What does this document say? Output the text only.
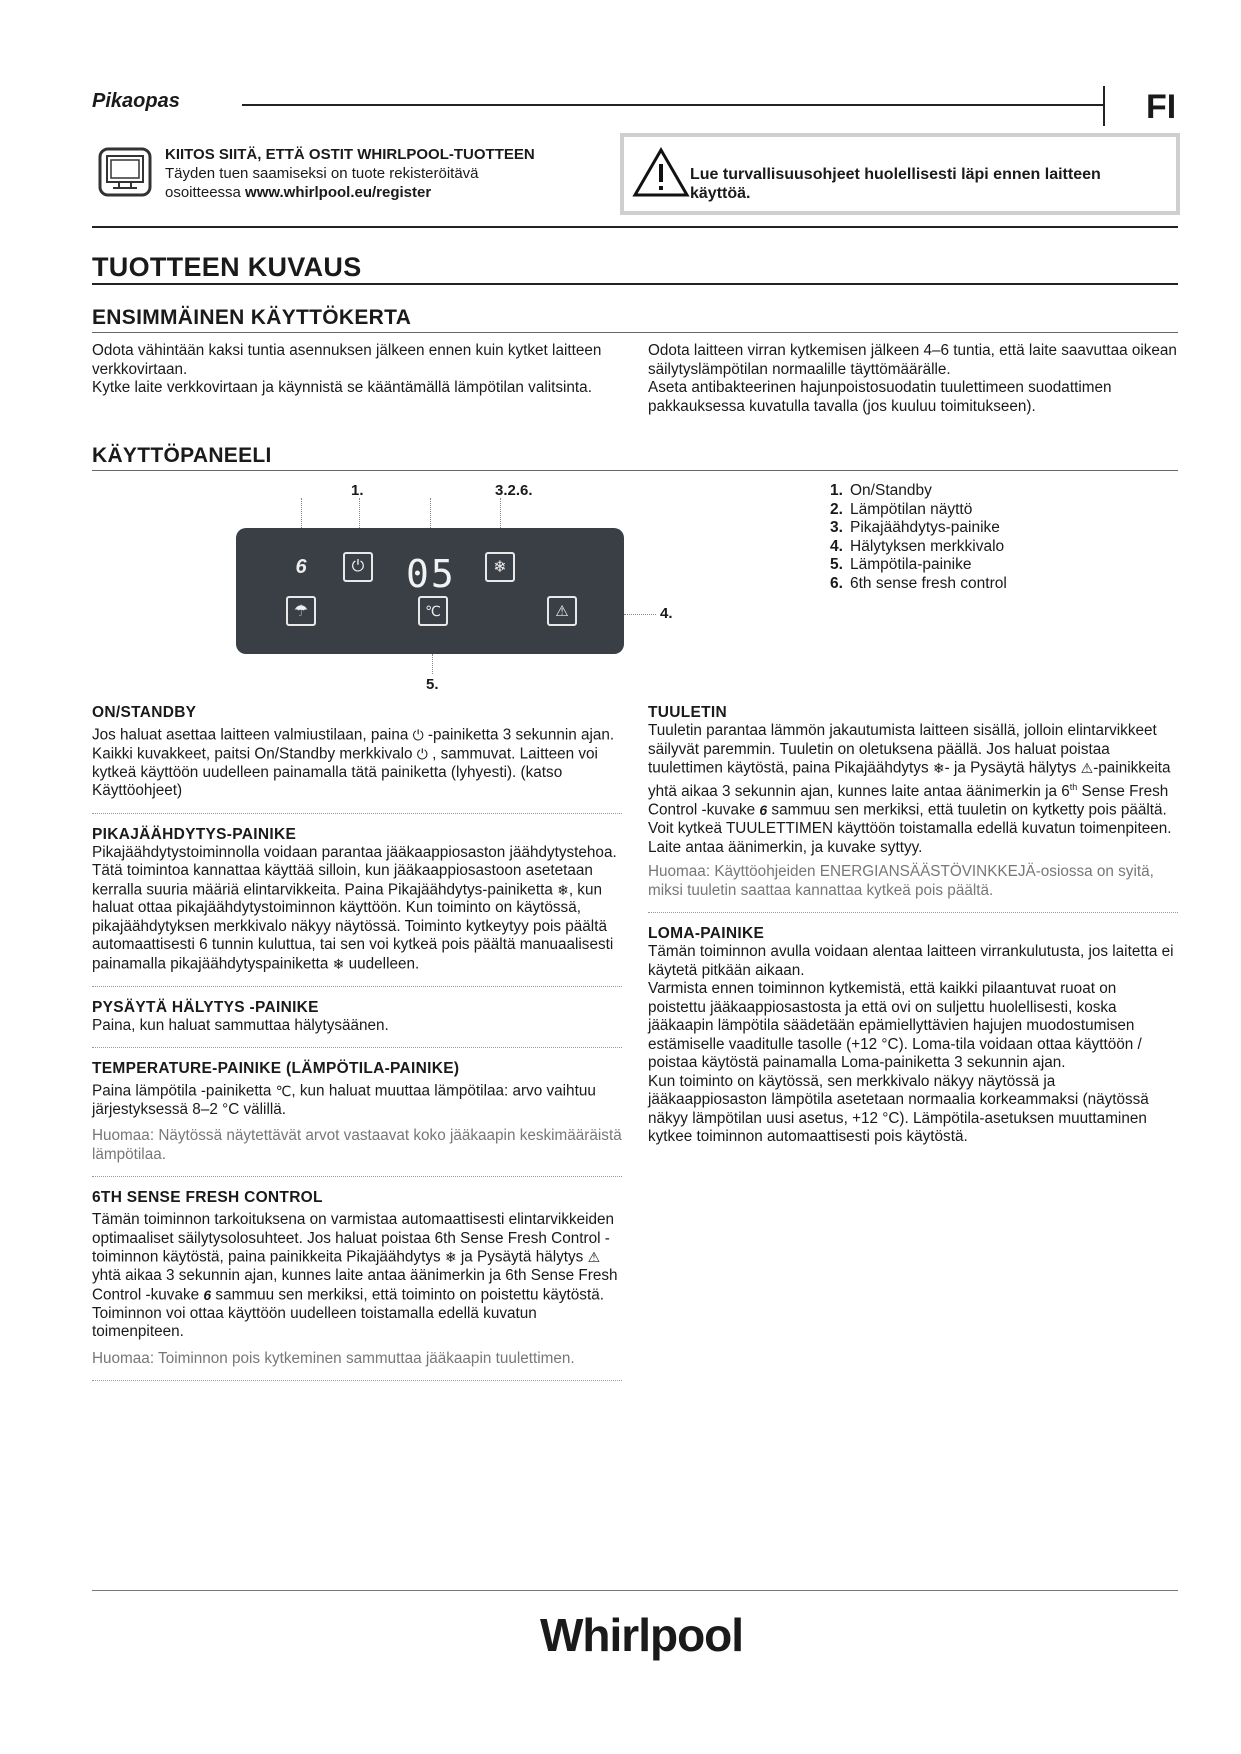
Pikaopas	FI
KIITOS SIITÄ, ETTÄ OSTIT WHIRLPOOL-TUOTTEEN
Täyden tuen saamiseksi on tuote rekisteröitävä
osoitteessa www.whirlpool.eu/register
Lue turvallisuusohjeet huolellisesti läpi ennen laitteen käyttöä.
TUOTTEEN KUVAUS
ENSIMMÄINEN KÄYTTÖKERTA

Odota vähintään kaksi tuntia asennuksen jälkeen ennen kuin kytket laitteen verkkovirtaan.

Kytke laite verkkovirtaan ja käynnistä se kääntämällä lämpötilan valitsinta.

Odota laitteen virran kytkemisen jälkeen 4–6 tuntia, että laite saavuttaa oikean säilytyslämpötilan normaalille täyttömäärälle.

Aseta antibakteerinen hajunpoistosuodatin tuulettimeen suodattimen pakkauksessa kuvatulla tavalla (jos kuuluu toimitukseen).

KÄYTTÖPANEELI
1.	3.2.6.
6	⏻ 05	❄
☂	℃	⚠	4.
5.
1. On/Standby
2. Lämpötilan näyttö
3. Pikajäähdytys-painike
4. Hälytyksen merkkivalo
5. Lämpötila-painike
6. 6th sense fresh control
ON/STANDBY
Jos haluat asettaa laitteen valmiustilaan, paina ⏻ -painiketta 3 sekunnin ajan. Kaikki kuvakkeet, paitsi On/Standby merkkivalo ⏻ , sammuvat. Laitteen voi kytkeä käyttöön uudelleen painamalla tätä painiketta (lyhyesti). (katso Käyttöohjeet)
PIKAJÄÄHDYTYS-PAINIKE
Pikajäähdytystoiminnolla voidaan parantaa jääkaappiosaston jäähdytystehoa. Tätä toimintoa kannattaa käyttää silloin, kun jääkaappiosastoon asetetaan kerralla suuria määriä elintarvikkeita. Paina Pikajäähdytys-painiketta ❄, kun haluat ottaa pikajäähdytystoiminnon käyttöön. Kun toiminto on käytössä, pikajäähdytyksen merkkivalo näkyy näytössä. Toiminto kytkeytyy pois päältä automaattisesti 6 tunnin kuluttua, tai sen voi kytkeä pois päältä manuaalisesti painamalla pikajäähdytyspainiketta ❄ uudelleen.
PYSÄYTÄ HÄLYTYS -PAINIKE
Paina, kun haluat sammuttaa hälytysäänen.
TEMPERATURE-PAINIKE (LÄMPÖTILA-PAINIKE)
Paina lämpötila -painiketta ℃, kun haluat muuttaa lämpötilaa: arvo vaihtuu järjestyksessä 8–2 °C välillä.
Huomaa: Näytössä näytettävät arvot vastaavat koko jääkaapin keskimääräistä lämpötilaa.
6TH SENSE FRESH CONTROL
Tämän toiminnon tarkoituksena on varmistaa automaattisesti elintarvikkeiden optimaaliset säilytysolosuhteet. Jos haluat poistaa 6th Sense Fresh Control -toiminnon käytöstä, paina painikkeita Pikajäähdytys ❄ ja Pysäytä hälytys ⚠ yhtä aikaa 3 sekunnin ajan, kunnes laite antaa äänimerkin ja 6th Sense Fresh Control -kuvake 6 sammuu sen merkiksi, että toiminto on poistettu käytöstä. Toiminnon voi ottaa käyttöön uudelleen toistamalla edellä kuvatun toimenpiteen.
Huomaa: Toiminnon pois kytkeminen sammuttaa jääkaapin tuulettimen.
TUULETIN
Tuuletin parantaa lämmön jakautumista laitteen sisällä, jolloin elintarvikkeet säilyvät paremmin. Tuuletin on oletuksena päällä. Jos haluat poistaa tuulettimen käytöstä, paina Pikajäähdytys ❄- ja Pysäytä hälytys ⚠-painikkeita yhtä aikaa 3 sekunnin ajan, kunnes laite antaa äänimerkin ja 6th Sense Fresh Control -kuvake 6 sammuu sen merkiksi, että tuuletin on kytketty pois päältä. Voit kytkeä TUULETTIMEN käyttöön toistamalla edellä kuvatun toimenpiteen. Laite antaa äänimerkin, ja kuvake syttyy.
Huomaa: Käyttöohjeiden ENERGIANSÄÄSTÖVINKKEJÄ-osiossa on syitä, miksi tuuletin saattaa kannattaa kytkeä pois päältä.
LOMA-PAINIKE

Tämän toiminnon avulla voidaan alentaa laitteen virrankulutusta, jos laitetta ei käytetä pitkään aikaan.

Varmista ennen toiminnon kytkemistä, että kaikki pilaantuvat ruoat on poistettu jääkaappiosastosta ja että ovi on suljettu huolellisesti, koska jääkaapin lämpötila säädetään epämiellyttävien hajujen muodostumisen estämiselle vaaditulle tasolle (+12 °C). Loma-tila voidaan ottaa käyttöön / poistaa käytöstä painamalla Loma-painiketta 3 sekunnin ajan.

Kun toiminto on käytössä, sen merkkivalo näkyy näytössä ja jääkaappiosaston lämpötila asetetaan normaalia korkeammaksi (näytössä näkyy lämpötilan uusi asetus, +12 °C). Lämpötila-asetuksen muuttaminen kytkee toiminnon automaattisesti pois käytöstä.

Whirlpool
